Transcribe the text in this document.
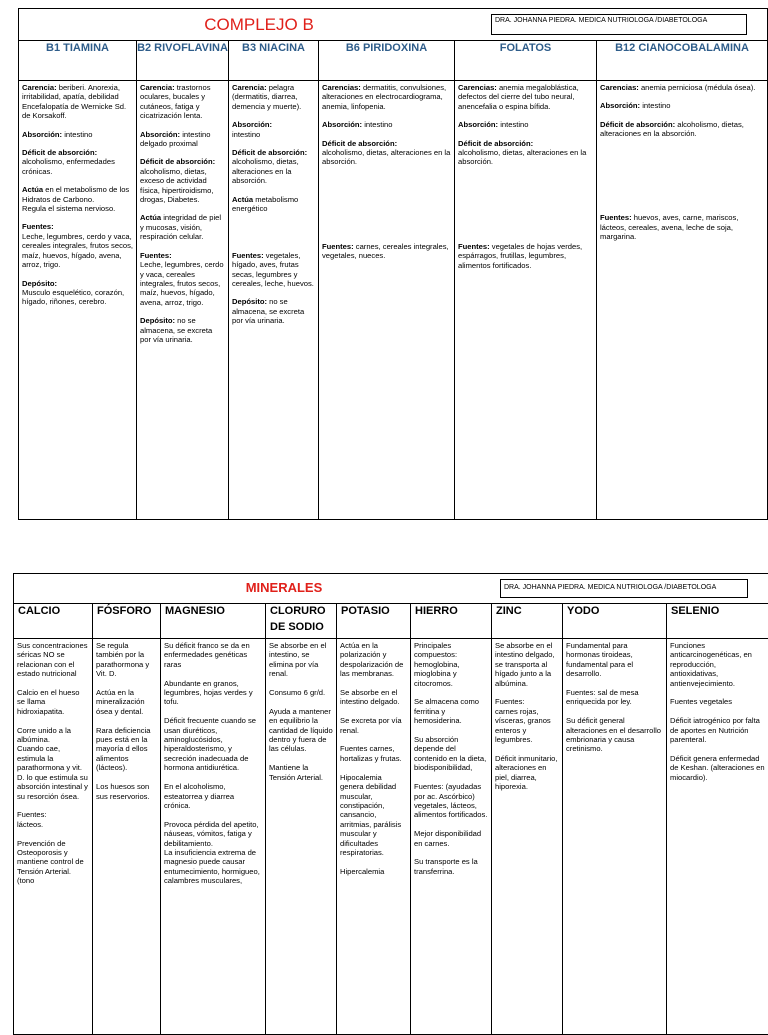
COMPLEJO B	DRA. JOHANNA PIEDRA. MEDICA NUTRIOLOGA /DIABETOLOGA
B1 TIAMINA
Carencia: beriberi. Anorexia, irritabilidad, apatía, debilidad Encefalopatía de Wernicke Sd. de Korsakoff.
Absorción: intestino
Déficit de absorción:
alcoholismo, enfermedades crónicas.
Actúa en el metabolismo de los Hidratos de Carbono.
Regula el sistema nervioso.
Fuentes:
Leche, legumbres, cerdo y vaca, cereales integrales, frutos secos, maíz, huevos, hígado, avena, arroz, trigo.
Depósito:
Musculo esquelético, corazón, hígado, riñones, cerebro.
B2 RIVOFLAVINA
Carencia: trastornos oculares, bucales y cutáneos, fatiga y cicatrización lenta.
Absorción: intestino delgado proximal
Déficit de absorción:
alcoholismo, dietas, exceso de actividad física, hipertiroidismo, drogas, Diabetes.
Actúa integridad de piel y mucosas, visión, respiración celular.
Fuentes:
Leche, legumbres, cerdo y vaca, cereales integrales, frutos secos, maíz, huevos, hígado, avena, arroz, trigo.
Depósito: no se almacena, se excreta por vía urinaria.
B3 NIACINA
Carencia: pelagra (dermatitis, diarrea, demencia y muerte).
Absorción:
intestino
Déficit de absorción:
alcoholismo, dietas, alteraciones en la absorción.
Actúa metabolismo energético

Fuentes: vegetales, hígado, aves, frutas secas, legumbres y cereales, leche, huevos.
Depósito: no se almacena, se excreta por vía urinaria.
B6 PIRIDOXINA
Carencias: dermatitis, convulsiones, alteraciones en electrocardiograma, anemia, linfopenia.
Absorción: intestino
Déficit de absorción:
alcoholismo, dietas, alteraciones en la absorción.

Fuentes: carnes, cereales integrales, vegetales, nueces.
FOLATOS
Carencias: anemia megaloblástica, defectos del cierre del tubo neural, anencefalia o espina bífida.
Absorción: intestino
Déficit de absorción:
alcoholismo, dietas, alteraciones en la absorción.

Fuentes: vegetales de hojas verdes, espárragos, frutillas, legumbres, alimentos fortificados.
B12 CIANOCOBALAMINA
Carencias: anemia perniciosa (médula ósea).
Absorción: intestino
Déficit de absorción: alcoholismo, dietas, alteraciones en la absorción.

Fuentes: huevos, aves, carne, mariscos, lácteos, cereales, avena, leche de soja, margarina.
MINERALES	DRA. JOHANNA PIEDRA. MEDICA NUTRIOLOGA /DIABETOLOGA
CALCIO
Sus concentraciones séricas NO se relacionan con el estado nutricional

Calcio en el hueso se llama hidroxiapatita.

Corre unido a la albúmina.
Cuando cae, estimula la parathormona y vit. D. lo que estimula su absorción intestinal y su resorción ósea.

Fuentes:
lácteos.

Prevención de Osteoporosis y mantiene control de Tensión Arterial. (tono
FÓSFORO
Se regula también por la parathormona y Vit. D.

Actúa en la mineralización ósea y dental.

Rara deficiencia pues está en la mayoría d ellos alimentos (lácteos).

Los huesos son sus reservorios.
MAGNESIO
Su déficit franco se da en enfermedades genéticas raras

Abundante en granos, legumbres, hojas verdes y tofu.

Déficit frecuente cuando se usan diuréticos, aminoglucósidos, hiperaldosterismo, y secreción inadecuada de hormona antidiurética.

En el alcoholismo, esteatorrea y diarrea crónica.

Provoca pérdida del apetito, náuseas, vómitos, fatiga y debilitamiento.
La insuficiencia extrema de magnesio puede causar entumecimiento, hormigueo, calambres musculares,
CLORURO DE SODIO
Se absorbe en el intestino, se elimina por vía renal.

Consumo 6 gr/d.

Ayuda a mantener en equilibrio la cantidad de líquido dentro y fuera de las células.

Mantiene la Tensión Arterial.
POTASIO
Actúa en la polarización y despolarización de las membranas.

Se absorbe en el intestino delgado.

Se excreta por vía renal.

Fuentes carnes, hortalizas y frutas.

Hipocalemia genera debilidad muscular, constipación, cansancio, arritmias, parálisis muscular y dificultades respiratorias.

Hipercalemia
HIERRO
Principales compuestos: hemoglobina, mioglobina y citocromos.

Se almacena como ferritina y hemosiderina.

Su absorción depende del contenido en la dieta, biodisponibilidad,

Fuentes: (ayudadas por ac. Ascórbico) vegetales, lácteos, alimentos fortificados.

Mejor disponibilidad en carnes.

Su transporte es la transferrina.
ZINC
Se absorbe en el intestino delgado, se transporta al hígado junto a la albúmina.

Fuentes:
carnes rojas, vísceras, granos enteros y legumbres.

Déficit inmunitario, alteraciones en piel, diarrea, hiporexia.
YODO
Fundamental para hormonas tiroideas, fundamental para el desarrollo.

Fuentes: sal de mesa enriquecida por ley.

Su déficit general alteraciones en el desarrollo embrionaria y causa cretinismo.
SELENIO
Funciones anticarcinogenéticas, en reproducción, antioxidativas, antienvejecimiento.

Fuentes vegetales

Déficit iatrogénico por falta de aportes en Nutrición parenteral.

Déficit genera enfermedad de Keshan. (alteraciones en miocardio).
